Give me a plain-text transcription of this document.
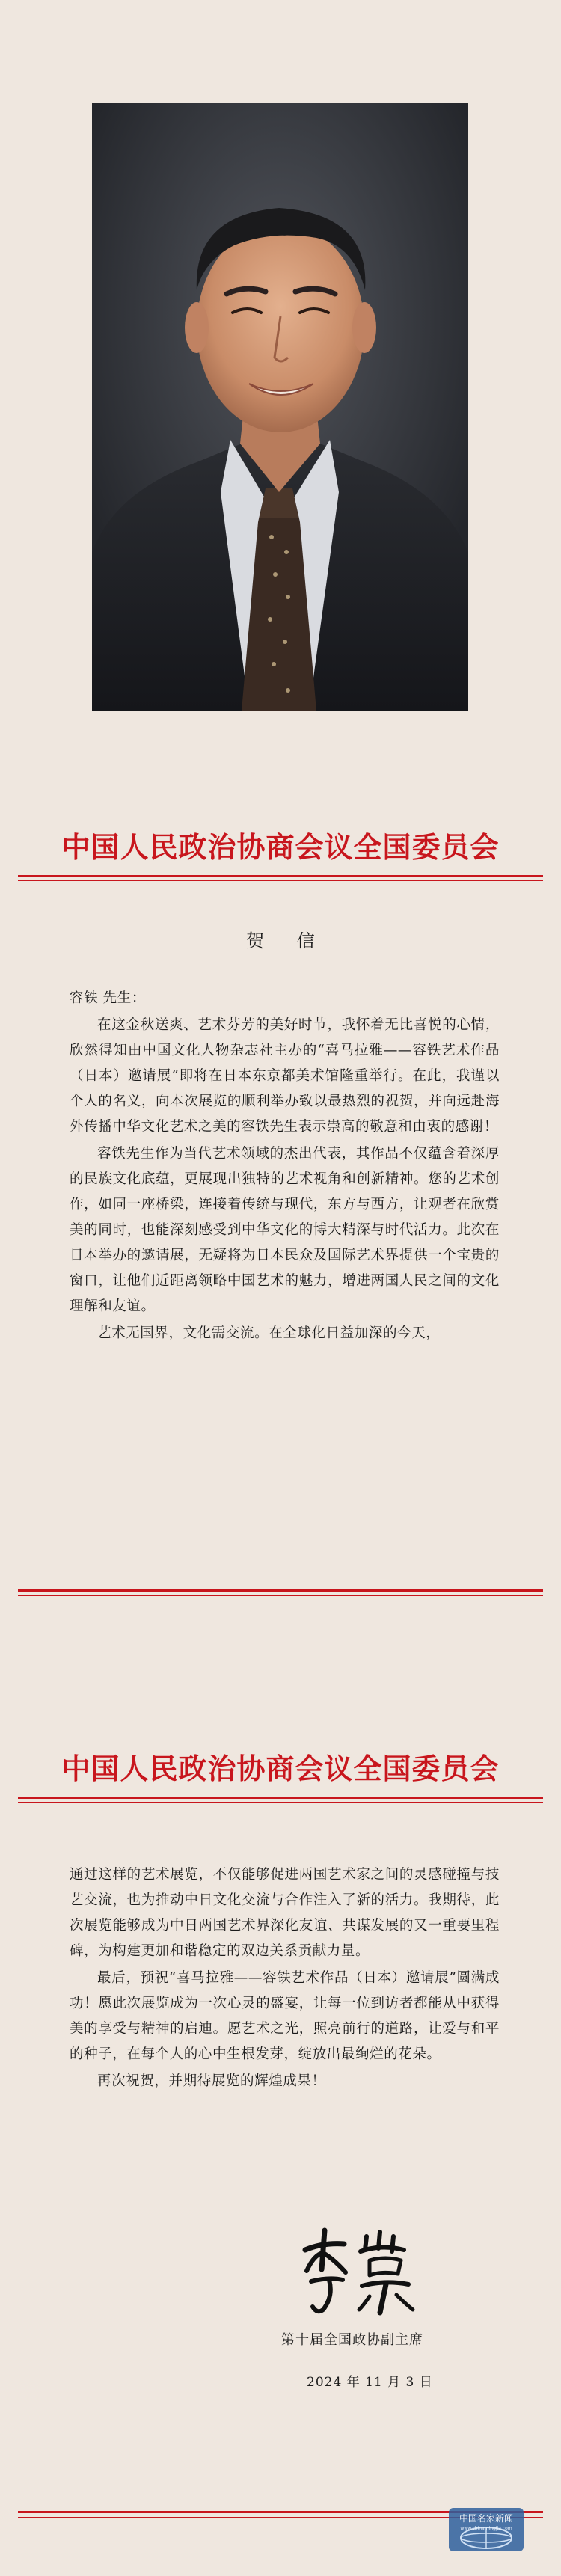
中国人民政治协商会议全国委员会
贺 信

容铁 先生：

在这金秋送爽、艺术芬芳的美好时节，我怀着无比喜悦的心情，欣然得知由中国文化人物杂志社主办的“喜马拉雅——容铁艺术作品（日本）邀请展”即将在日本东京都美术馆隆重举行。在此，我谨以个人的名义，向本次展览的顺利举办致以最热烈的祝贺，并向远赴海外传播中华文化艺术之美的容铁先生表示崇高的敬意和由衷的感谢！

容铁先生作为当代艺术领域的杰出代表，其作品不仅蕴含着深厚的民族文化底蕴，更展现出独特的艺术视角和创新精神。您的艺术创作，如同一座桥梁，连接着传统与现代，东方与西方，让观者在欣赏美的同时，也能深刻感受到中华文化的博大精深与时代活力。此次在日本举办的邀请展，无疑将为日本民众及国际艺术界提供一个宝贵的窗口，让他们近距离领略中国艺术的魅力，增进两国人民之间的文化理解和友谊。

艺术无国界，文化需交流。在全球化日益加深的今天，

中国人民政治协商会议全国委员会

通过这样的艺术展览，不仅能够促进两国艺术家之间的灵感碰撞与技艺交流，也为推动中日文化交流与合作注入了新的活力。我期待，此次展览能够成为中日两国艺术界深化友谊、共谋发展的又一重要里程碑，为构建更加和谐稳定的双边关系贡献力量。

最后，预祝“喜马拉雅——容铁艺术作品（日本）邀请展”圆满成功！愿此次展览成为一次心灵的盛宴，让每一位到访者都能从中获得美的享受与精神的启迪。愿艺术之光，照亮前行的道路，让爱与和平的种子，在每个人的心中生根发芽，绽放出最绚烂的花朵。

再次祝贺，并期待展览的辉煌成果！

第十届全国政协副主席
2024 年 11 月 3 日
中国名家新闻
www.chinamingjia.com
